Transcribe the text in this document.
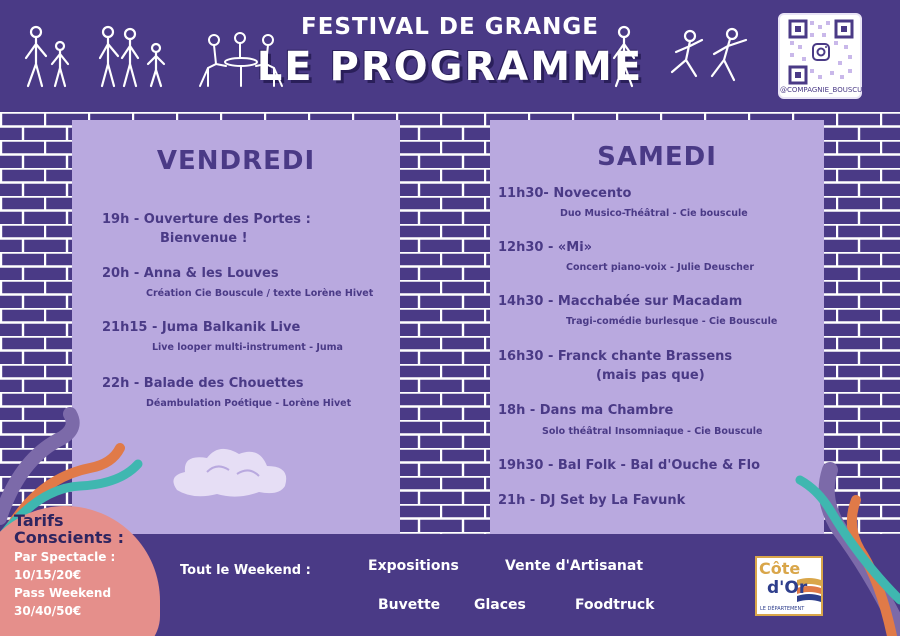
FESTIVAL DE GRANGE
LE PROGRAMME	@COMPAGNIE_BOUSCULE
VENDREDI
19h - Ouverture des Portes :
Bienvenue !
20h - Anna & les Louves
Création Cie Bouscule / texte Lorène Hivet
21h15 - Juma Balkanik Live
Live looper multi-instrument - Juma
22h - Balade des Chouettes
Déambulation Poétique - Lorène Hivet
SAMEDI
11h30- Novecento
Duo Musico-Théâtral - Cie bouscule
12h30 - «Mi»
Concert piano-voix - Julie Deuscher
14h30 - Macchabée sur Macadam
Tragi-comédie burlesque - Cie Bouscule
16h30 - Franck chante Brassens
(mais pas que)
18h - Dans ma Chambre
Solo théâtral Insomniaque - Cie Bouscule
19h30 - Bal Folk - Bal d'Ouche & Flo
21h - DJ Set by La Favunk
Tarifs
Conscients :
Par Spectacle :
10/15/20€
Pass Weekend
30/40/50€
Tout le Weekend :	Expositions	Vente d'Artisanat
Buvette Glaces	Foodtruck
Côte
d'Or
LE DÉPARTEMENT
